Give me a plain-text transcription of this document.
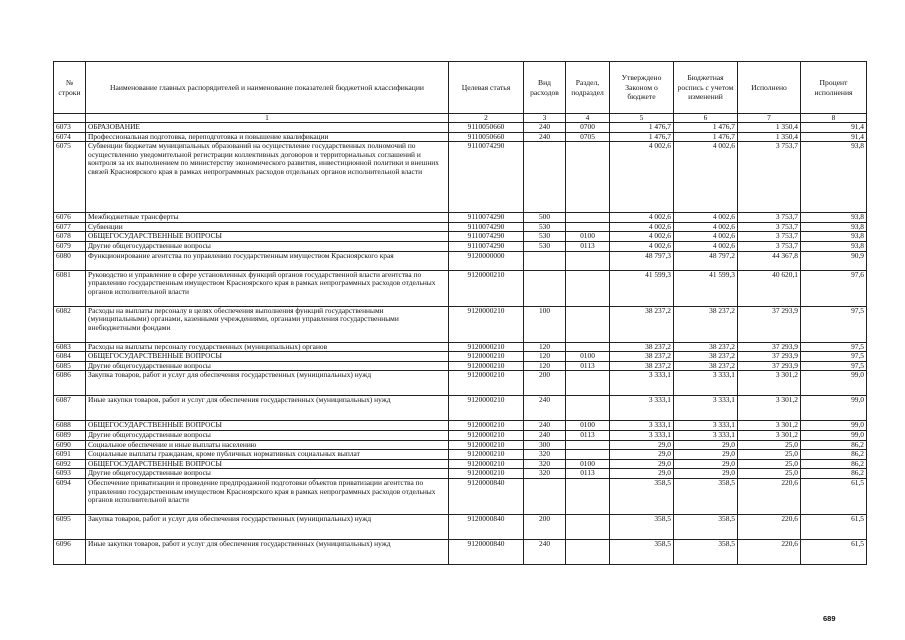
№ строки	Наименование главных распорядителей и наименование показателей бюджетной классификации	Целевая статья	Вид расходов	Раздел, подраздел	Утверждено Законом о бюджете	Бюджетная роспись с учетом изменений	Исполнено	Процент исполнения
	1	2	3	4	5	6	7	8
6073	ОБРАЗОВАНИЕ	9110050660	240	0700	1 476,7	1 476,7	1 350,4	91,4
6074	Профессиональная подготовка, переподготовка и повышение квалификации	9110050660	240	0705	1 476,7	1 476,7	1 350,4	91,4
6075	Субвенции бюджетам муниципальных образований на осуществление государственных полномочий по осуществлению уведомительной регистрации коллективных договоров и территориальных соглашений и контроля за их выполнением по министерству экономического развития, инвестиционной политики и внешних связей Красноярского края в рамках непрограммных расходов отдельных органов исполнительной власти	9110074290			4 002,6	4 002,6	3 753,7	93,8
6076	Межбюджетные трансферты	9110074290	500		4 002,6	4 002,6	3 753,7	93,8
6077	Субвенции	9110074290	530		4 002,6	4 002,6	3 753,7	93,8
6078	ОБЩЕГОСУДАРСТВЕННЫЕ ВОПРОСЫ	9110074290	530	0100	4 002,6	4 002,6	3 753,7	93,8
6079	Другие общегосударственные вопросы	9110074290	530	0113	4 002,6	4 002,6	3 753,7	93,8
6080	Функционирование агентства по управлению государственным имуществом Красноярского края	9120000000			48 797,3	48 797,2	44 367,8	90,9
6081	Руководство и управление в сфере установленных функций органов государственной власти агентства по управлению государственным имуществом Красноярского края в рамках непрограммных расходов отдельных органов исполнительной власти	9120000210			41 599,3	41 599,3	40 620,1	97,6
6082	Расходы на выплаты персоналу в целях обеспечения выполнения функций государственными (муниципальными) органами, казенными учреждениями, органами управления государственными внебюджетными фондами	9120000210	100		38 237,2	38 237,2	37 293,9	97,5
6083	Расходы на выплаты персоналу государственных (муниципальных) органов	9120000210	120		38 237,2	38 237,2	37 293,9	97,5
6084	ОБЩЕГОСУДАРСТВЕННЫЕ ВОПРОСЫ	9120000210	120	0100	38 237,2	38 237,2	37 293,9	97,5
6085	Другие общегосударственные вопросы	9120000210	120	0113	38 237,2	38 237,2	37 293,9	97,5
6086	Закупка товаров, работ и услуг для обеспечения государственных (муниципальных) нужд	9120000210	200		3 333,1	3 333,1	3 301,2	99,0
6087	Иные закупки товаров, работ и услуг для обеспечения государственных (муниципальных) нужд	9120000210	240		3 333,1	3 333,1	3 301,2	99,0
6088	ОБЩЕГОСУДАРСТВЕННЫЕ ВОПРОСЫ	9120000210	240	0100	3 333,1	3 333,1	3 301,2	99,0
6089	Другие общегосударственные вопросы	9120000210	240	0113	3 333,1	3 333,1	3 301,2	99,0
6090	Социальное обеспечение и иные выплаты населению	9120000210	300		29,0	29,0	25,0	86,2
6091	Социальные выплаты гражданам, кроме публичных нормативных социальных выплат	9120000210	320		29,0	29,0	25,0	86,2
6092	ОБЩЕГОСУДАРСТВЕННЫЕ ВОПРОСЫ	9120000210	320	0100	29,0	29,0	25,0	86,2
6093	Другие общегосударственные вопросы	9120000210	320	0113	29,0	29,0	25,0	86,2
6094	Обеспечение приватизации и проведение предпродажной подготовки объектов приватизации агентства по управлению государственным имуществом Красноярского края в рамках непрограммных расходов отдельных органов исполнительной власти	9120000840			358,5	358,5	220,6	61,5
6095	Закупка товаров, работ и услуг для обеспечения государственных (муниципальных) нужд	9120000840	200		358,5	358,5	220,6	61,5
6096	Иные закупки товаров, работ и услуг для обеспечения государственных (муниципальных) нужд	9120000840	240		358,5	358,5	220,6	61,5
689
